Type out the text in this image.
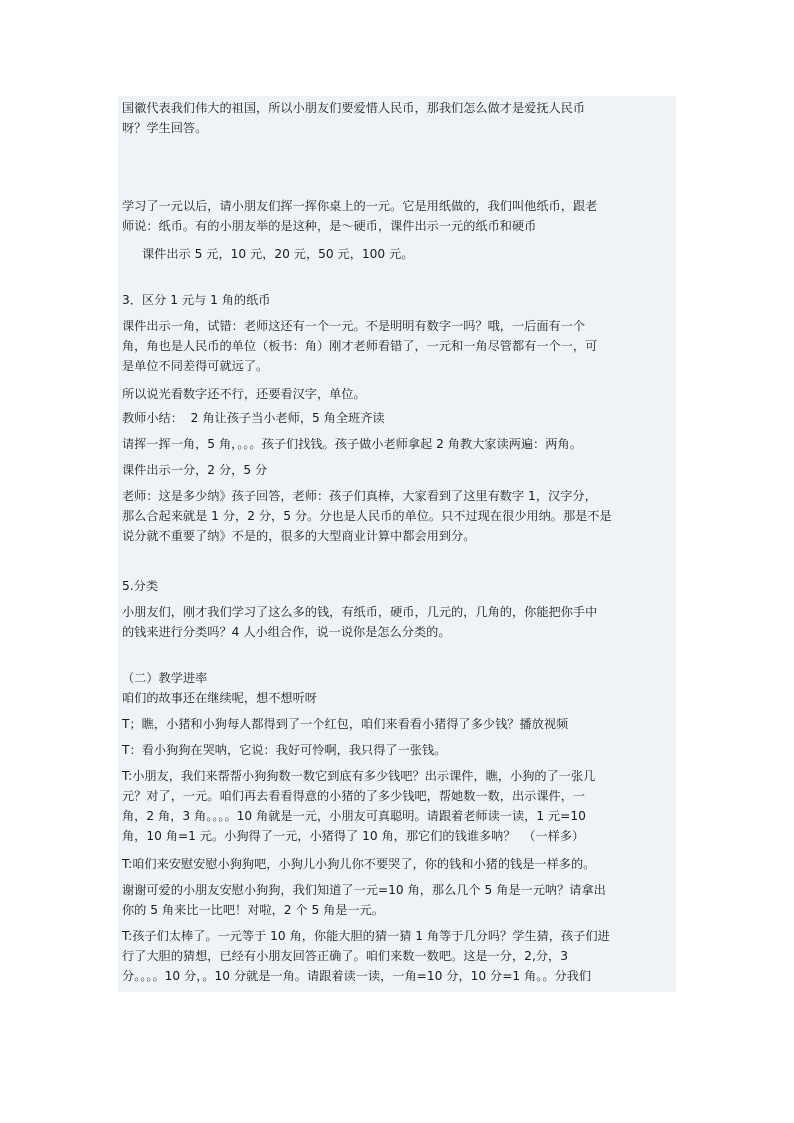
国徽代表我们伟大的祖国，所以小朋友们要爱惜人民币，那我们怎么做才是爱抚人民币
呀？学生回答。
学习了一元以后，请小朋友们挥一挥你桌上的一元。它是用纸做的，我们叫他纸币，跟老
师说：纸币。有的小朋友举的是这种，是～硬币，课件出示一元的纸币和硬币
课件出示 5 元，10 元，20 元，50 元，100 元。
3．区分 1 元与 1 角的纸币
课件出示一角，试错：老师这还有一个一元。不是明明有数字一吗？哦，一后面有一个
角，角也是人民币的单位（板书：角）刚才老师看错了，一元和一角尽管都有一个一，可
是单位不同差得可就远了。
所以说光看数字还不行，还要看汉字，单位。
教师小结：  2 角让孩子当小老师，5 角全班齐读
请挥一挥一角，5 角，。。。孩子们找钱。孩子做小老师拿起 2 角教大家读两遍：两角。
课件出示一分，2 分，5 分
老师：这是多少纳》孩子回答，老师：孩子们真棒，大家看到了这里有数字 1，汉字分，
那么合起来就是 1 分，2 分，5 分。分也是人民币的单位。只不过现在很少用纳。那是不是
说分就不重要了纳》不是的，很多的大型商业计算中都会用到分。
5.分类
小朋友们，刚才我们学习了这么多的钱，有纸币，硬币，几元的，几角的，你能把你手中
的钱来进行分类吗？4 人小组合作，说一说你是怎么分类的。
（二）教学进率
咱们的故事还在继续呢，想不想听呀
T；瞧，小猪和小狗每人都得到了一个红包，咱们来看看小猪得了多少钱？播放视频
T：看小狗狗在哭呐，它说：我好可怜啊，我只得了一张钱。
T:小朋友，我们来帮帮小狗狗数一数它到底有多少钱吧？出示课件，瞧，小狗的了一张几
元？对了，一元。咱们再去看看得意的小猪的了多少钱吧，帮她数一数，出示课件，一
角，2 角，3 角。。。。10 角就是一元，小朋友可真聪明。请跟着老师读一读，1 元=10
角，10 角=1 元。小狗得了一元，小猪得了 10 角，那它们的钱谁多呐？  （一样多）
T:咱们来安慰安慰小狗狗吧，小狗儿小狗儿你不要哭了，你的钱和小猪的钱是一样多的。
谢谢可爱的小朋友安慰小狗狗，我们知道了一元=10 角，那么几个 5 角是一元呐？请拿出
你的 5 角来比一比吧！对啦，2 个 5 角是一元。
T:孩子们太棒了。一元等于 10 角，你能大胆的猜一猜 1 角等于几分吗？学生猜，孩子们进
行了大胆的猜想，已经有小朋友回答正确了。咱们来数一数吧。这是一分，2,分，3
分。。。。10 分，。10 分就是一角。请跟着读一读，一角=10 分，10 分=1 角。。分我们
